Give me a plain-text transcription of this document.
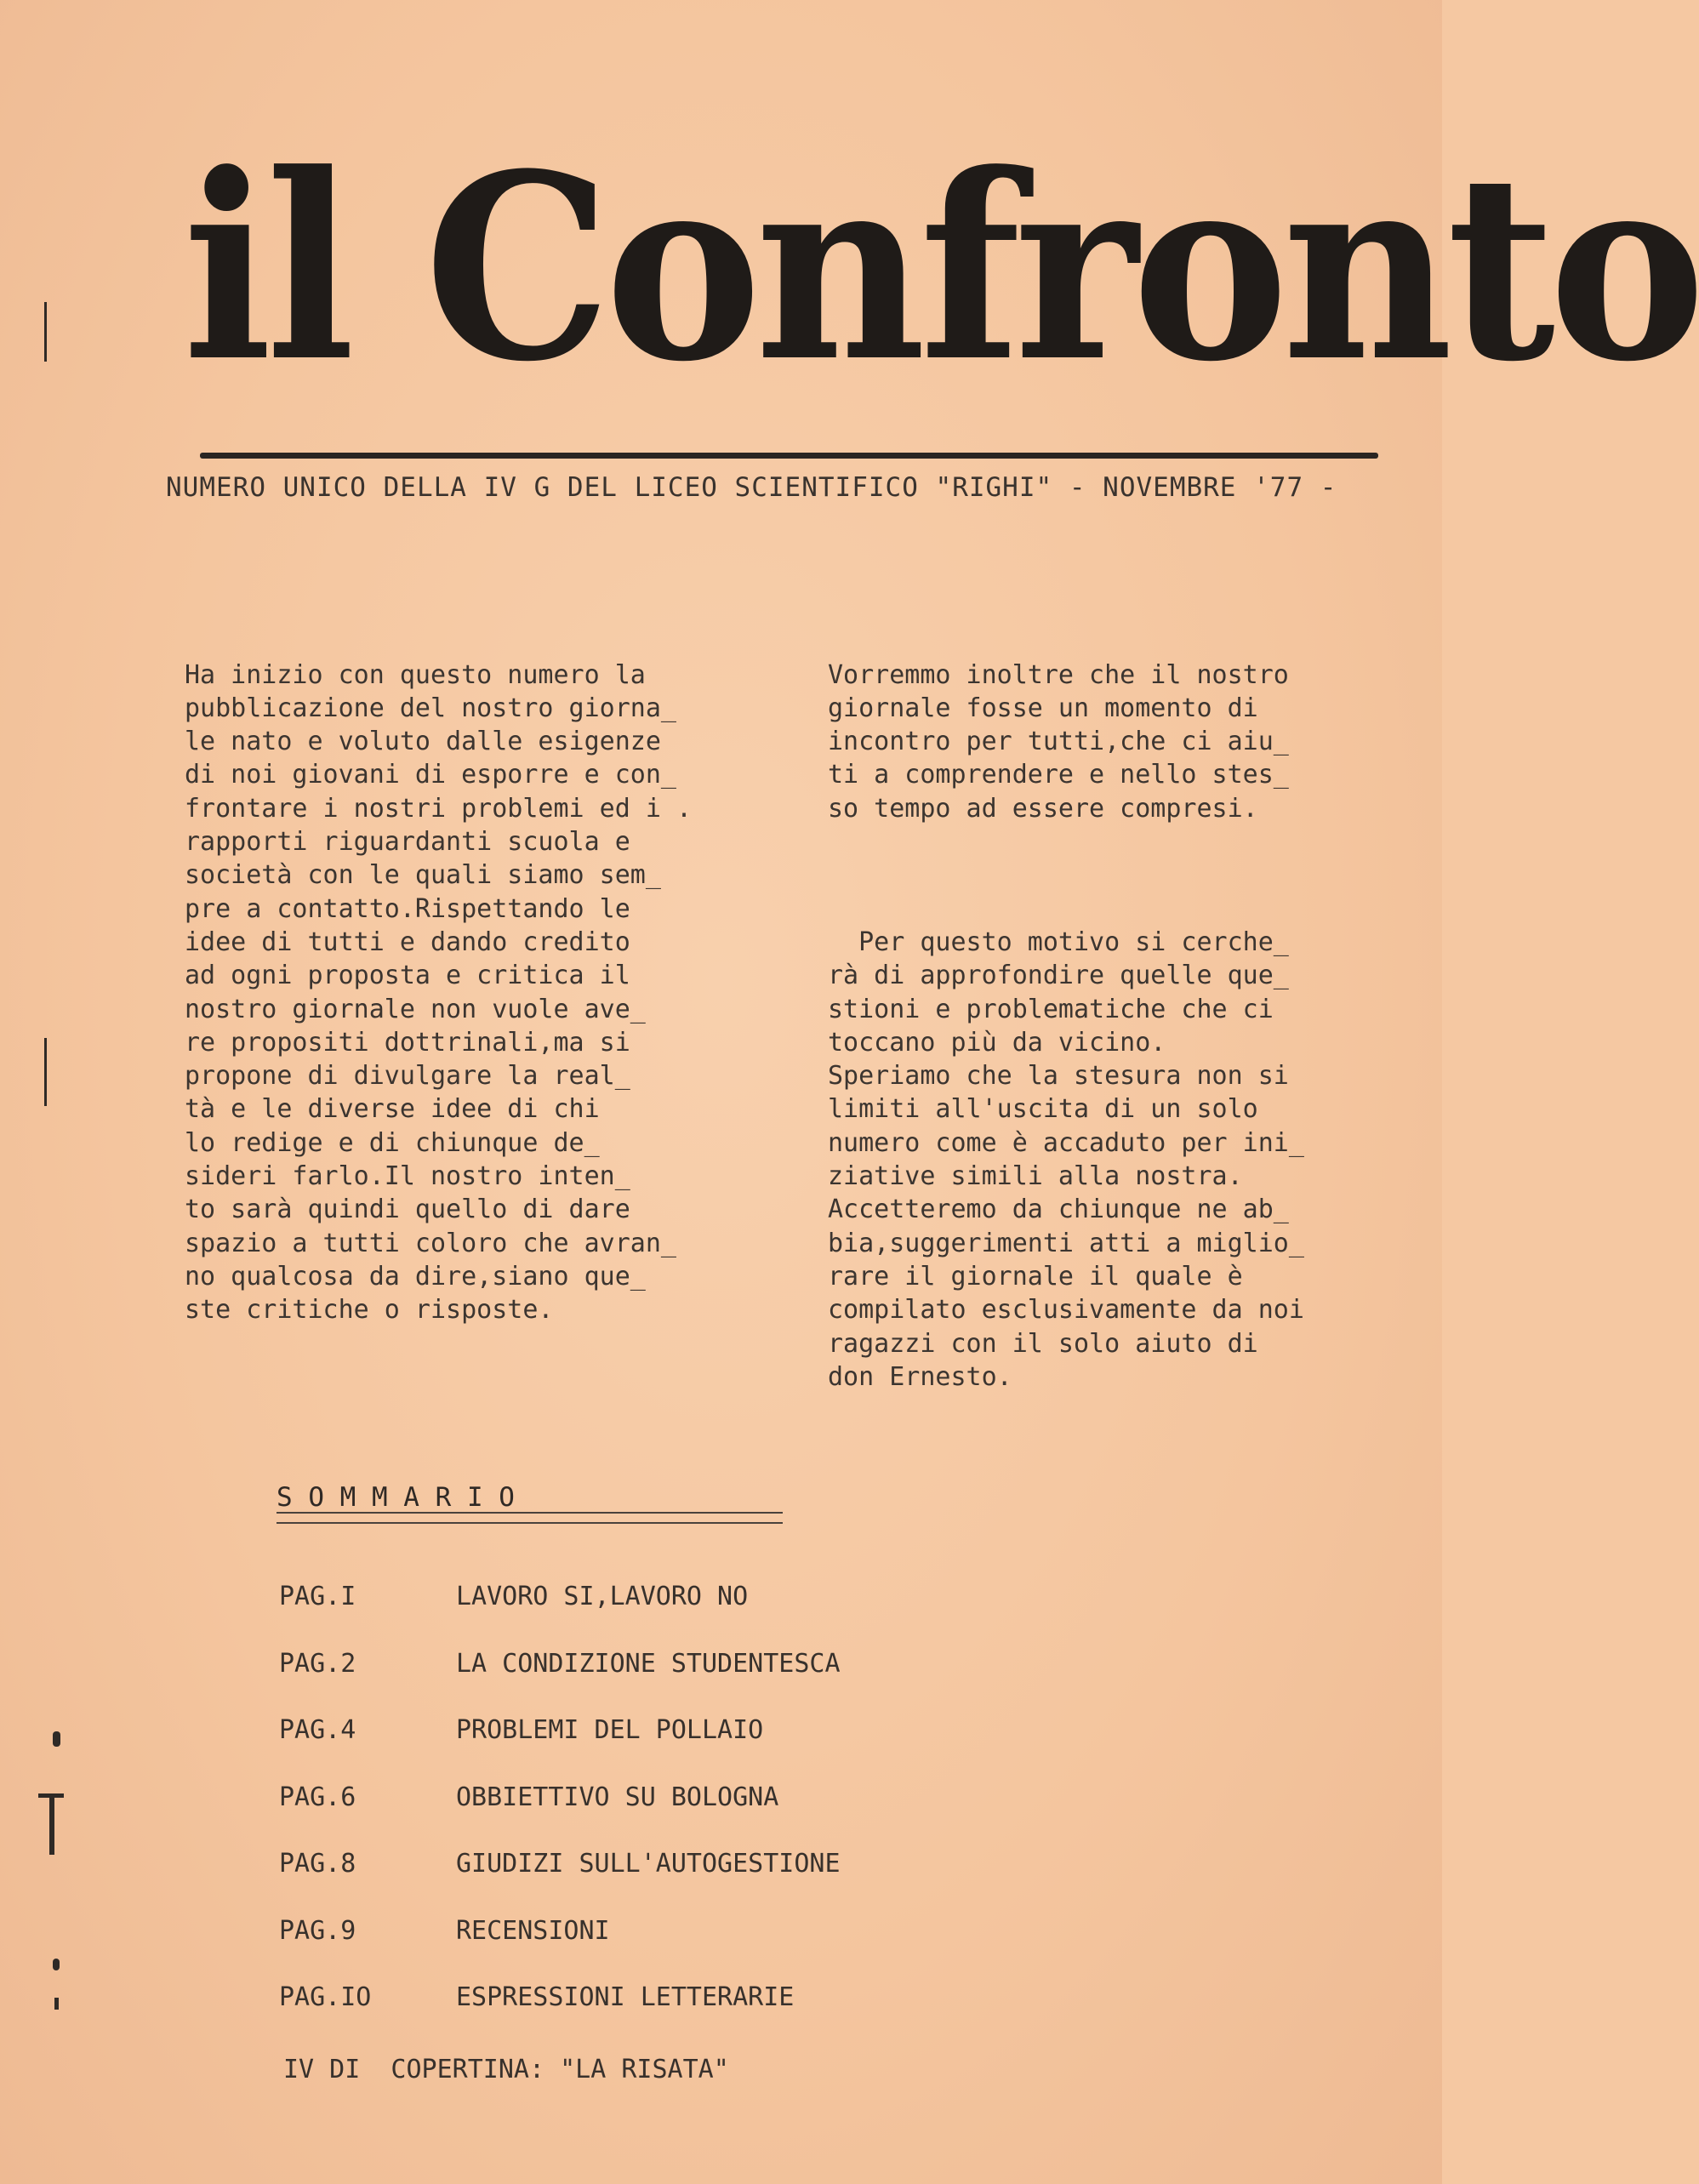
il Confronto
NUMERO UNICO DELLA IV G DEL LICEO SCIENTIFICO "RIGHI" - NOVEMBRE '77 -

Ha inizio con questo numero la
pubblicazione del nostro giorna_
le nato e voluto dalle esigenze
di noi giovani di esporre e con_
frontare i nostri problemi ed i .
rapporti riguardanti scuola e
società con le quali siamo sem_
pre a contatto.Rispettando le
idee di tutti e dando credito
ad ogni proposta e critica il
nostro giornale non vuole ave_
re propositi dottrinali,ma si
propone di divulgare la real_
tà e le diverse idee di chi
lo redige e di chiunque de_
sideri farlo.Il nostro inten_
to sarà quindi quello di dare
spazio a tutti coloro che avran_
no qualcosa da dire,siano que_
ste critiche o risposte.

Vorremmo inoltre che il nostro
giornale fosse un momento di
incontro per tutti,che ci aiu_
ti a comprendere e nello stes_
so tempo ad essere compresi.

Per questo motivo si cerche_
rà di approfondire quelle que_
stioni e problematiche che ci
toccano più da vicino.
Speriamo che la stesura non si
limiti all'uscita di un solo
numero come è accaduto per ini_
ziative simili alla nostra.
Accetteremo da chiunque ne ab_
bia,suggerimenti atti a miglio_
rare il giornale il quale è
compilato esclusivamente da noi
ragazzi con il solo aiuto di
don Ernesto.

S O M M A R I O
PAG.I	LAVORO SI,LAVORO NO
PAG.2	LA CONDIZIONE STUDENTESCA
PAG.4	PROBLEMI DEL POLLAIO
PAG.6	OBBIETTIVO SU BOLOGNA
PAG.8	GIUDIZI SULL'AUTOGESTIONE
PAG.9	RECENSIONI
PAG.IO	ESPRESSIONI LETTERARIE
IV DI  COPERTINA: "LA RISATA"
